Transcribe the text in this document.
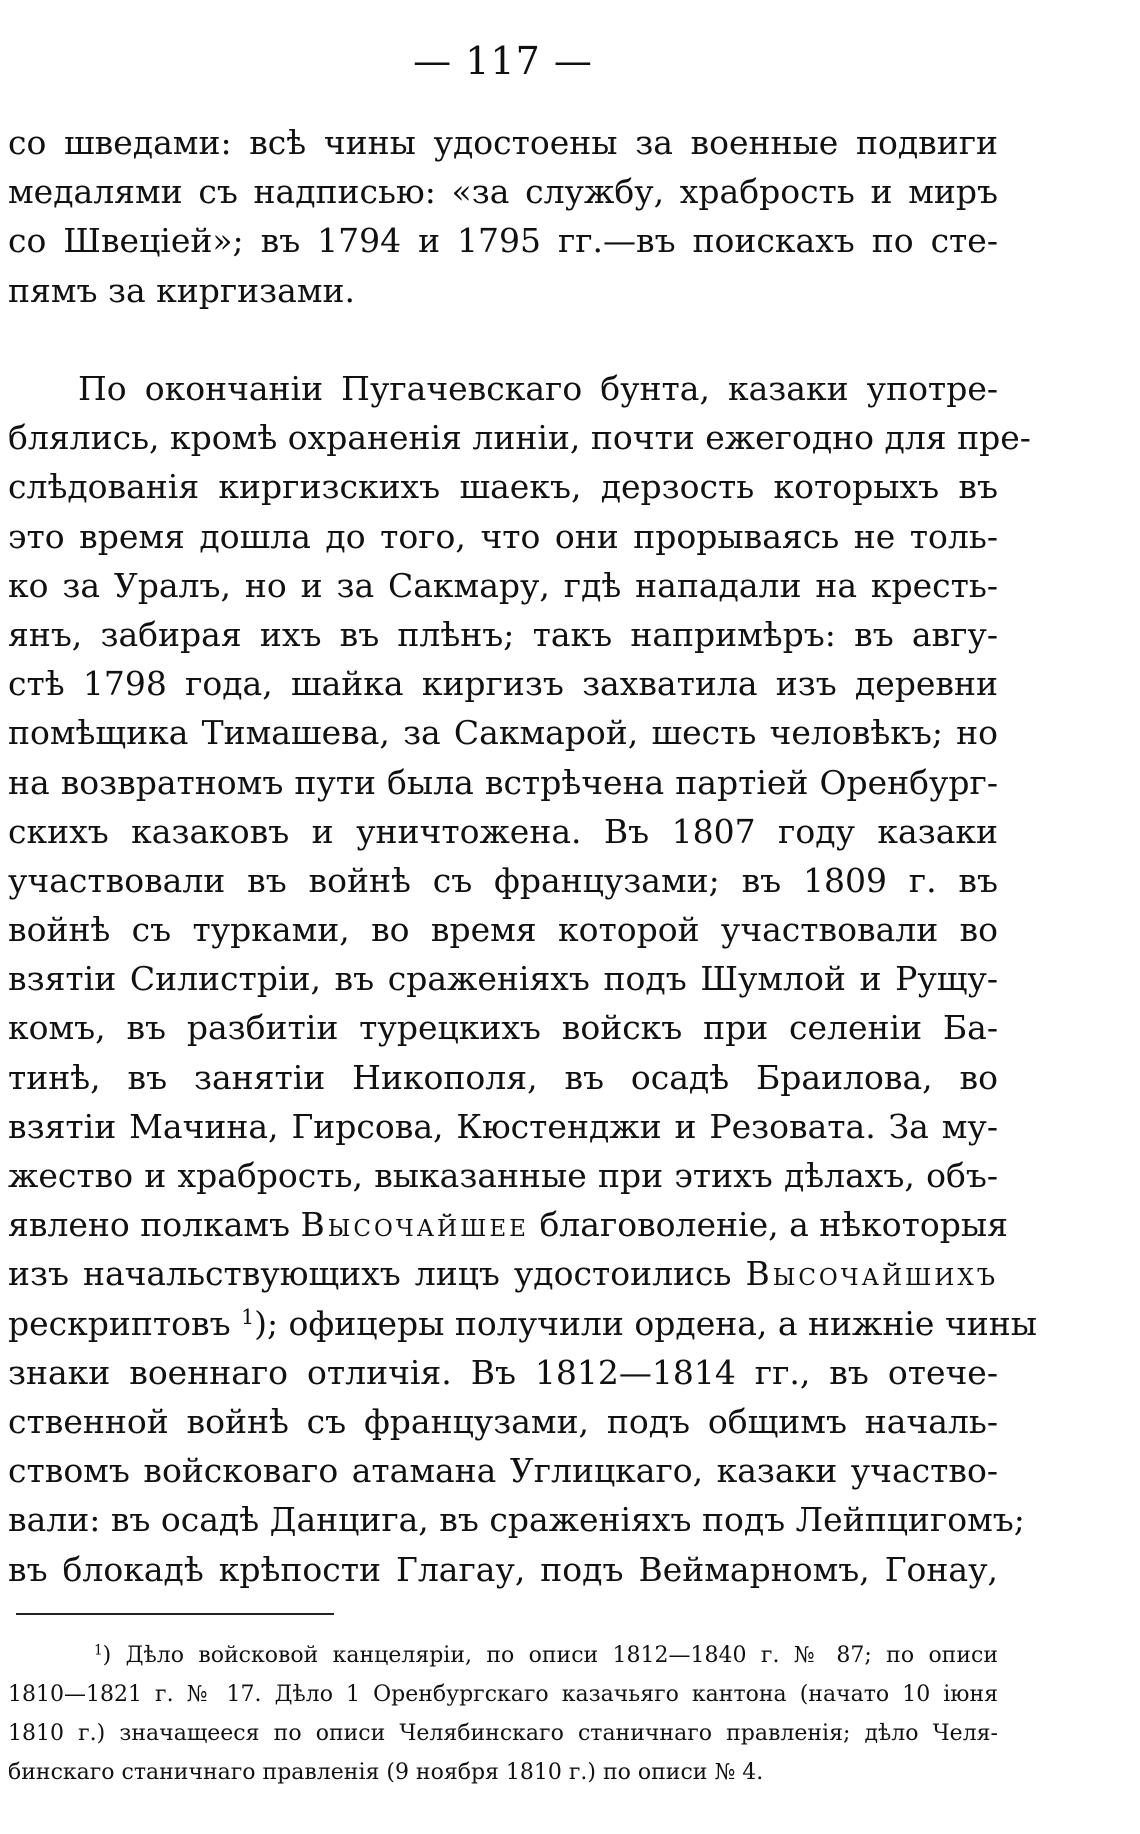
— 117 —
со шведами: всѣ чины удостоены за военные подвиги
медалями съ надписью: «за службу, храбрость и миръ
со Швеціей»; въ 1794 и 1795 гг.—въ поискахъ по сте-
пямъ за киргизами.
По окончаніи Пугачевскаго бунта, казаки употре-
блялись, кромѣ охраненія линіи, почти ежегодно для пре-
слѣдованія киргизскихъ шаекъ, дерзость которыхъ въ
это время дошла до того, что они прорываясь не толь-
ко за Уралъ, но и за Сакмару, гдѣ нападали на кресть-
янъ, забирая ихъ въ плѣнъ; такъ напримѣръ: въ авгу-
стѣ 1798 года, шайка киргизъ захватила изъ деревни
помѣщика Тимашева, за Сакмарой, шесть человѣкъ; но
на возвратномъ пути была встрѣчена партіей Оренбург-
скихъ казаковъ и уничтожена. Въ 1807 году казаки
участвовали въ войнѣ съ французами; въ 1809 г. въ
войнѣ съ турками, во время которой участвовали во
взятіи Силистріи, въ сраженіяхъ подъ Шумлой и Рущу-
комъ, въ разбитіи турецкихъ войскъ при селеніи Ба-
тинѣ, въ занятіи Никополя, въ осадѣ Браилова, во
взятіи Мачина, Гирсова, Кюстенджи и Резовата. За му-
жество и храбрость, выказанные при этихъ дѣлахъ, объ-
явлено полкамъ Высочайшее благоволеніе, а нѣкоторыя
изъ начальствующихъ лицъ удостоились Высочайшихъ
рескриптовъ $^1$); офицеры получили ордена, а нижніе чины
знаки военнаго отличія. Въ 1812—1814 гг., въ отече-
ственной войнѣ съ французами, подъ общимъ началь-
ствомъ войсковаго атамана Углицкаго, казаки участво-
вали: въ осадѣ Данцига, въ сраженіяхъ подъ Лейпцигомъ;
въ блокадѣ крѣпости Глагау, подъ Веймарномъ, Гонау,
$^1$) Дѣло войсковой канцеляріи, по описи 1812—1840 г. № 87; по описи
1810—1821 г. № 17. Дѣло 1 Оренбургскаго казачьяго кантона (начато 10 іюня
1810 г.) значащееся по описи Челябинскаго станичнаго правленія; дѣло Челя-
бинскаго станичнаго правленія (9 ноября 1810 г.) по описи № 4.
